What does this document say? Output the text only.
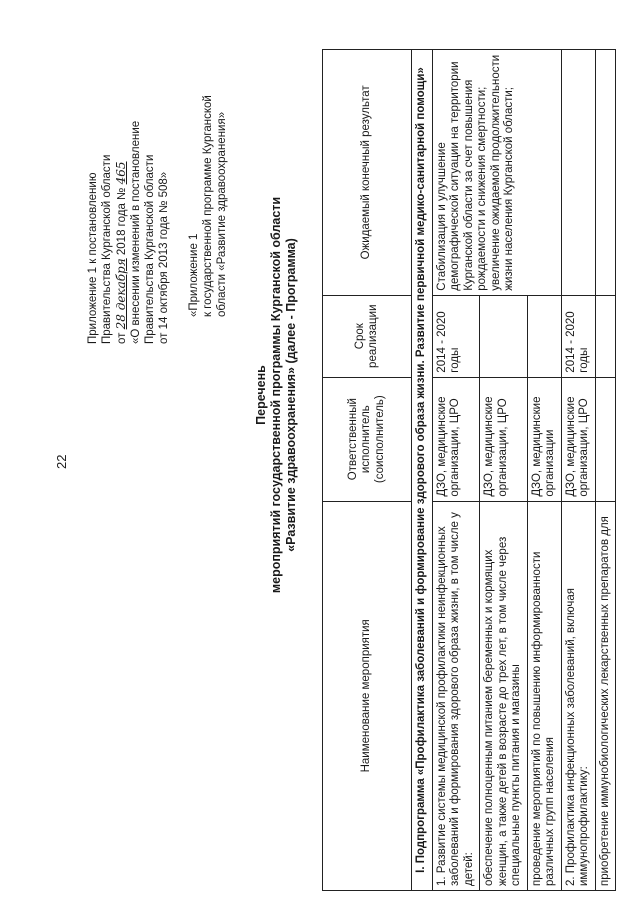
22
Приложение 1 к постановлению Правительства Курганской области от 28 декабря 2018 года № 465 «О внесении изменений в постановление Правительства Курганской области от 14 октября 2013 года № 508» «Приложение 1 к государственной программе Курганской области «Развитие здравоохранения»
Перечень мероприятий государственной программы Курганской области «Развитие здравоохранения» (далее - Программа)
Наименование мероприятия	Ответственный исполнитель (соисполнитель)	Срок реализации	Ожидаемый конечный результат
I. Подпрограмма «Профилактика заболеваний и формирование здорового образа жизни. Развитие первичной медико-санитарной помощи»			
1. Развитие системы медицинской профилактики неинфекционных заболеваний и формирования здорового образа жизни, в том числе у детей:	ДЗО, медицинские организации, ЦРО	2014 - 2020 годы	Стабилизация и улучшение демографической ситуации на территории Курганской области за счет повышения рождаемости и снижения смертности; увеличение ожидаемой продолжительности жизни населения Курганской области;
обеспечение полноценным питанием беременных и кормящих женщин, а также детей в возрасте до трех лет, в том числе через специальные пункты питания и магазины	ДЗО, медицинские организации, ЦРО		
проведение мероприятий по повышению информированности различных групп населения	ДЗО, медицинские организации		
2. Профилактика инфекционных заболеваний, включая иммунопрофилактику:	ДЗО, медицинские организации, ЦРО	2014 - 2020 годы	
приобретение иммунобиологических лекарственных препаратов для			
